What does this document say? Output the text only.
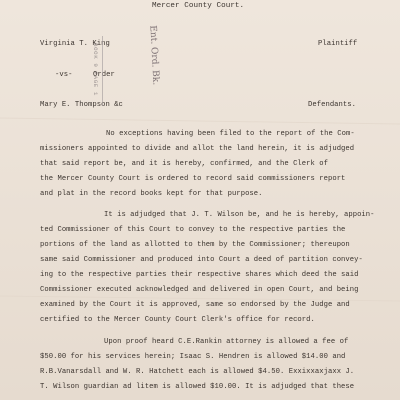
Mercer County Court.
Virginia T. King	Plaintiff
-vs-	Order
Mary E. Thompson &c	Defendants.
BOOK 9 PAGE 1	Ent. Ord. Bk.
No exceptions having been filed to the report of the Com-
missioners appointed to divide and allot the land herein, it is adjudged
that said report be, and it is hereby, confirmed, and the Clerk of
the Mercer County Court is ordered to record said commissioners report
and plat in the record books kept for that purpose.
It is adjudged that J. T. Wilson be, and he is hereby, appoin-
ted Commissioner of this Court to convey to the respective parties the
portions of the land as allotted to them by the Commissioner; thereupon
same said Commissioner and produced into Court a deed of partition convey-
ing to the respective parties their respective shares which deed the said
Commissioner executed acknowledged and delivered in open Court, and being
examined by the Court it is approved, same so endorsed by the Judge and
certified to the Mercer County Court Clerk's office for record.
Upon proof heard C.E.Rankin attorney is allowed a fee of
$50.00 for his services herein; Isaac S. Hendren is allowed $14.00 and
R.B.Vanarsdall and W. R. Hatchett each is allowed $4.50. Exxixxaxjaxx J.
T. Wilson guardian ad litem is allowed $10.00. It is adjudged that these
